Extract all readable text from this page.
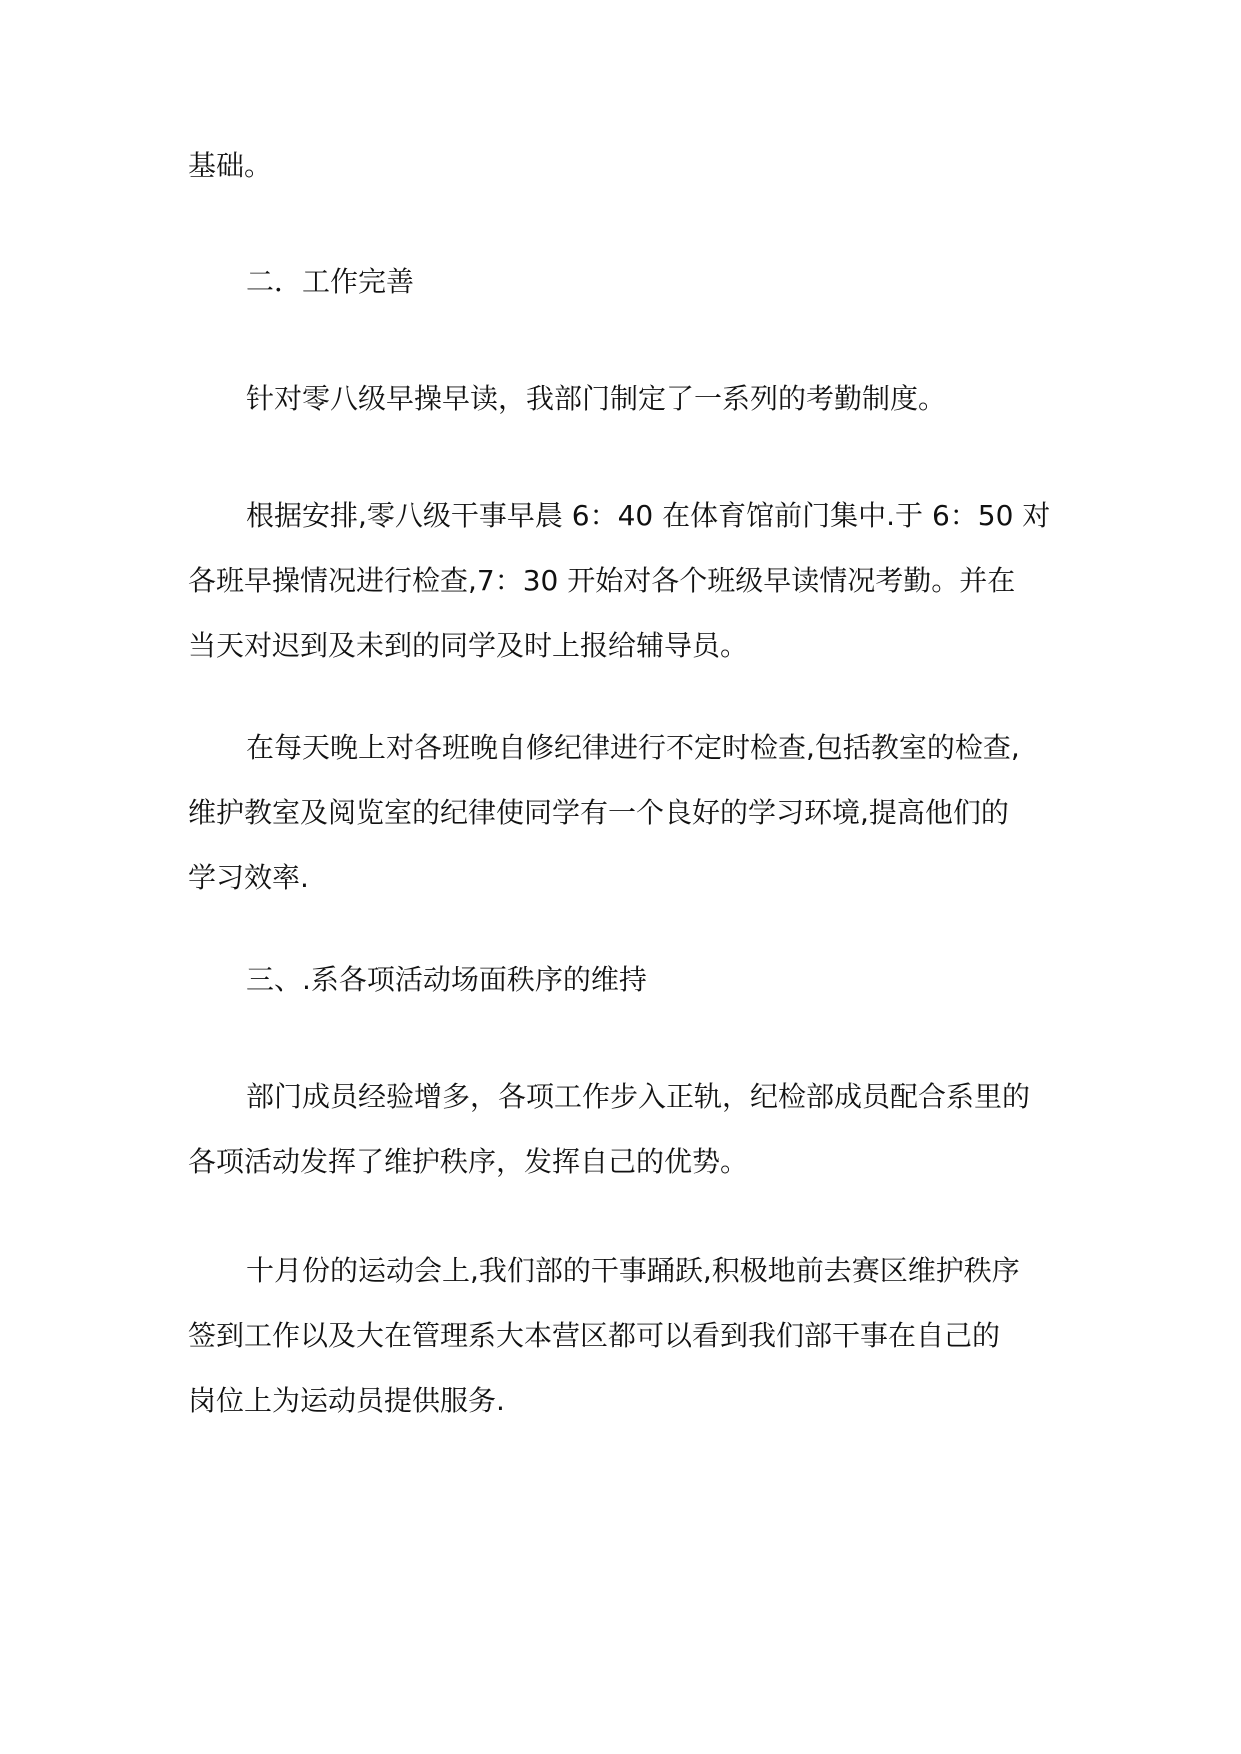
基础。

二．工作完善

针对零八级早操早读，我部门制定了一系列的考勤制度。

根据安排,零八级干事早晨 6：40 在体育馆前门集中.于 6：50 对
各班早操情况进行检查,7：30 开始对各个班级早读情况考勤。并在
当天对迟到及未到的同学及时上报给辅导员。

在每天晚上对各班晚自修纪律进行不定时检查,包括教室的检查,
维护教室及阅览室的纪律使同学有一个良好的学习环境,提高他们的
学习效率.

三、.系各项活动场面秩序的维持

部门成员经验增多，各项工作步入正轨，纪检部成员配合系里的
各项活动发挥了维护秩序，发挥自己的优势。

十月份的运动会上,我们部的干事踊跃,积极地前去赛区维护秩序
签到工作以及大在管理系大本营区都可以看到我们部干事在自己的
岗位上为运动员提供服务.
